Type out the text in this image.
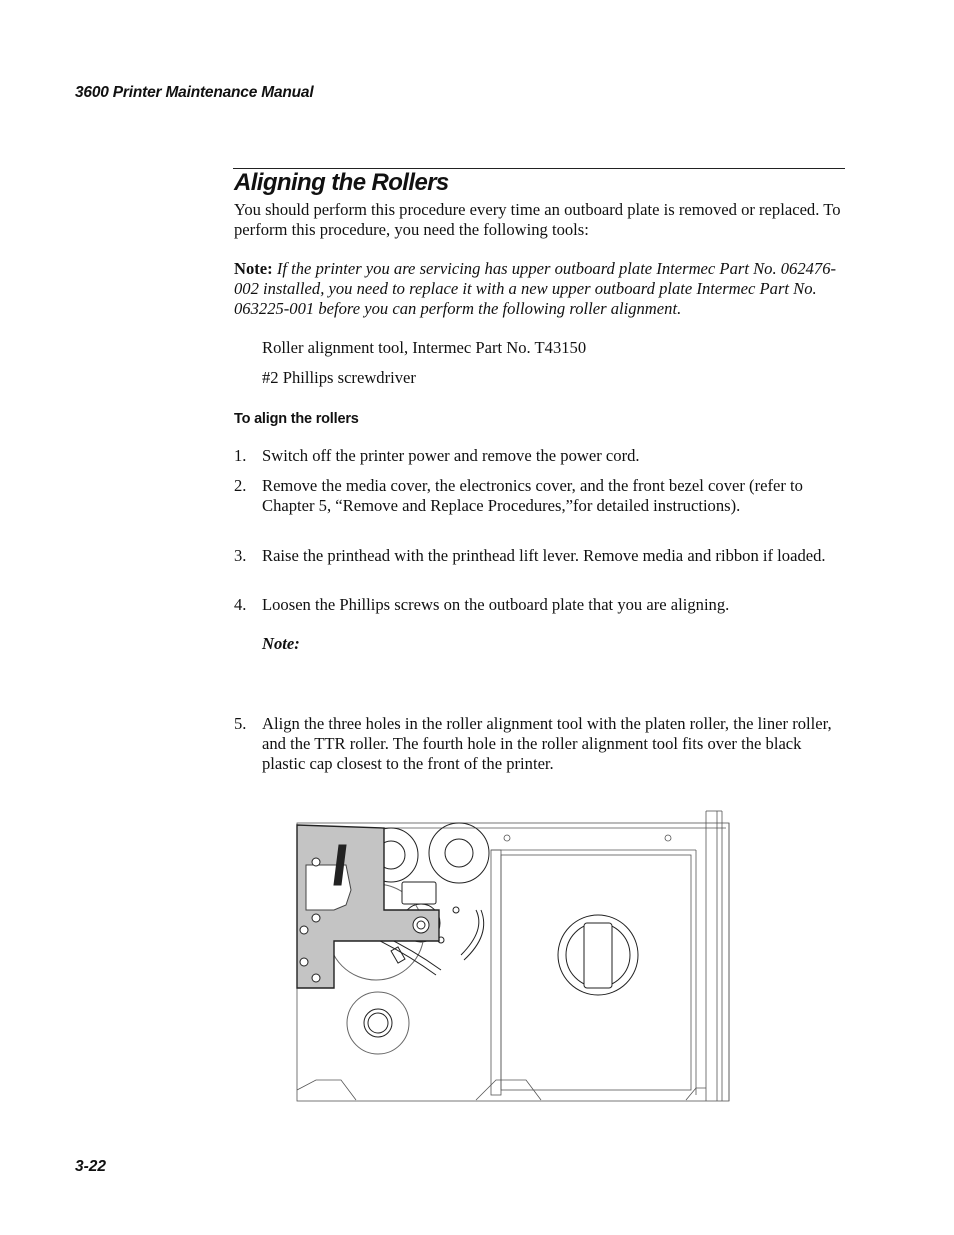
3600 Printer Maintenance Manual
Aligning the Rollers
You should perform this procedure every time an outboard plate is removed or replaced. To perform this procedure, you need the following tools:
Note: If the printer you are servicing has upper outboard plate Intermec Part No. 062476-002 installed, you need to replace it with a new upper outboard plate Intermec Part No. 063225-001 before you can perform the following roller alignment.
Roller alignment tool, Intermec Part No. T43150
#2 Phillips screwdriver
To align the rollers
1. Switch off the printer power and remove the power cord.
2. Remove the media cover, the electronics cover, and the front bezel cover (refer to Chapter 5, “Remove and Replace Procedures,”for detailed instructions).
3. Raise the printhead with the printhead lift lever. Remove media and ribbon if loaded.
4. Loosen the Phillips screws on the outboard plate that you are aligning.
Note:
5. Align the three holes in the roller alignment tool with the platen roller, the liner roller, and the TTR roller. The fourth hole in the roller alignment tool fits over the black plastic cap closest to the front of the printer.
3-22
